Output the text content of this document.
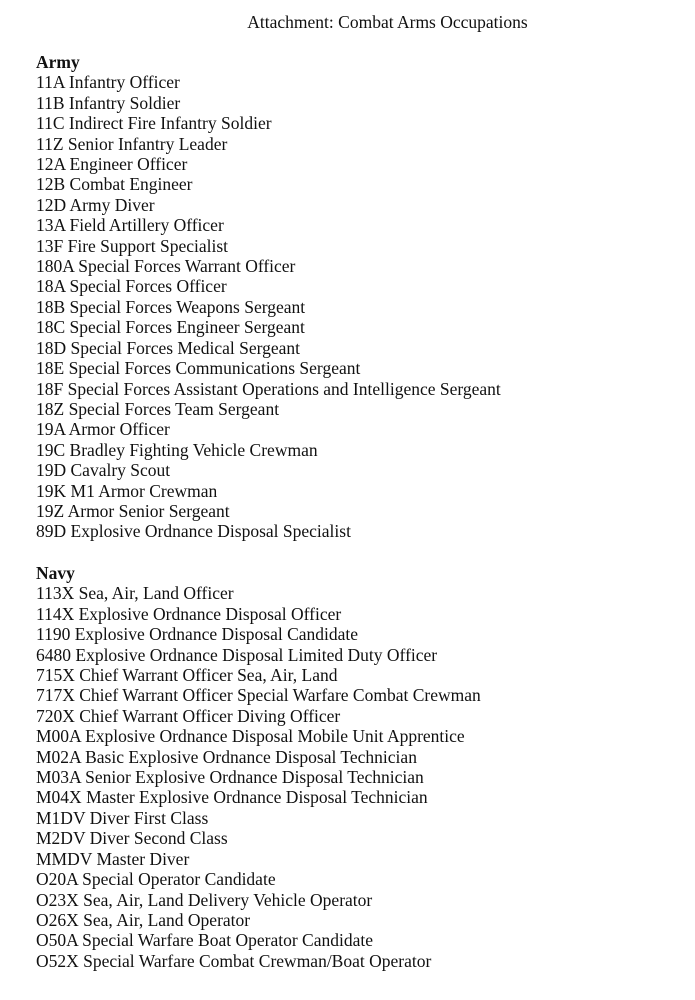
Attachment: Combat Arms Occupations
Army
11A Infantry Officer
11B Infantry Soldier
11C Indirect Fire Infantry Soldier
11Z Senior Infantry Leader
12A Engineer Officer
12B Combat Engineer
12D Army Diver
13A Field Artillery Officer
13F Fire Support Specialist
180A Special Forces Warrant Officer
18A Special Forces Officer
18B Special Forces Weapons Sergeant
18C Special Forces Engineer Sergeant
18D Special Forces Medical Sergeant
18E Special Forces Communications Sergeant
18F Special Forces Assistant Operations and Intelligence Sergeant
18Z Special Forces Team Sergeant
19A Armor Officer
19C Bradley Fighting Vehicle Crewman
19D Cavalry Scout
19K M1 Armor Crewman
19Z Armor Senior Sergeant
89D Explosive Ordnance Disposal Specialist
Navy
113X Sea, Air, Land Officer
114X Explosive Ordnance Disposal Officer
1190 Explosive Ordnance Disposal Candidate
6480 Explosive Ordnance Disposal Limited Duty Officer
715X Chief Warrant Officer Sea, Air, Land
717X Chief Warrant Officer Special Warfare Combat Crewman
720X Chief Warrant Officer Diving Officer
M00A Explosive Ordnance Disposal Mobile Unit Apprentice
M02A Basic Explosive Ordnance Disposal Technician
M03A Senior Explosive Ordnance Disposal Technician
M04X Master Explosive Ordnance Disposal Technician
M1DV Diver First Class
M2DV Diver Second Class
MMDV Master Diver
O20A Special Operator Candidate
O23X Sea, Air, Land Delivery Vehicle Operator
O26X Sea, Air, Land Operator
O50A Special Warfare Boat Operator Candidate
O52X Special Warfare Combat Crewman/Boat Operator
